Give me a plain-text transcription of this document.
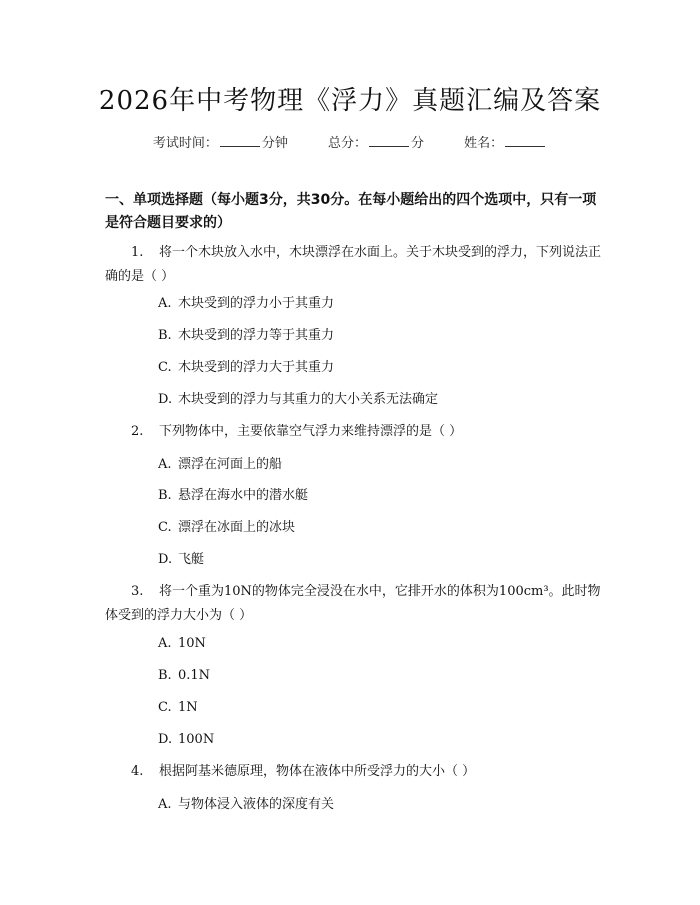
2026年中考物理《浮力》真题汇编及答案
考试时间：	分钟	总分：	分	姓名：
一、单项选择题（每小题3分，共30分。在每小题给出的四个选项中，只有一项是符合题目要求的）
1. 将一个木块放入水中，木块漂浮在水面上。关于木块受到的浮力，下列说法正确的是（ ）
A. 木块受到的浮力小于其重力
B. 木块受到的浮力等于其重力
C. 木块受到的浮力大于其重力
D. 木块受到的浮力与其重力的大小关系无法确定
2. 下列物体中，主要依靠空气浮力来维持漂浮的是（ ）
A. 漂浮在河面上的船
B. 悬浮在海水中的潜水艇
C. 漂浮在冰面上的冰块
D. 飞艇
3. 将一个重为10N的物体完全浸没在水中，它排开水的体积为100cm³。此时物体受到的浮力大小为（ ）
A. 10N
B. 0.1N
C. 1N
D. 100N
4. 根据阿基米德原理，物体在液体中所受浮力的大小（ ）
A. 与物体浸入液体的深度有关
